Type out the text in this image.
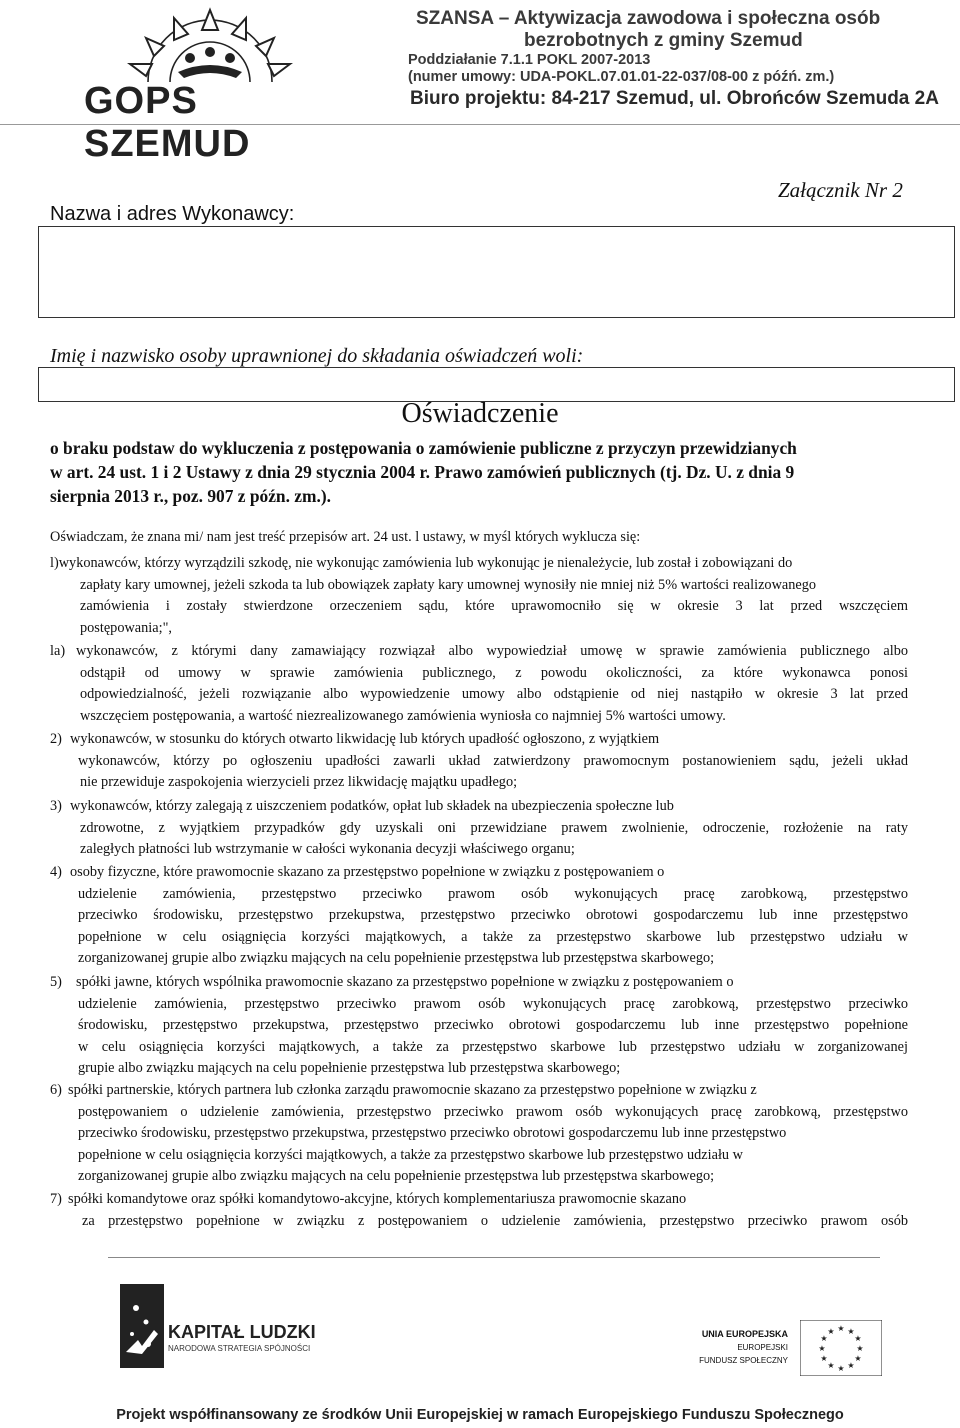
GOPS SZEMUD
SZANSA – Aktywizacja zawodowa i społeczna osób
bezrobotnych z gminy Szemud
Poddziałanie 7.1.1 POKL 2007-2013
(numer umowy: UDA-POKL.07.01.01-22-037/08-00 z późń. zm.)
Biuro projektu: 84-217 Szemud, ul. Obrońców Szemuda 2A
Nazwa i adres Wykonawcy:
Załącznik Nr 2
Imię i nazwisko osoby uprawnionej do składania oświadczeń woli:
Oświadczenie
o braku podstaw do wykluczenia z postępowania o zamówienie publiczne z przyczyn przewidzianych
w art. 24 ust. 1 i 2 Ustawy z dnia 29 stycznia 2004 r. Prawo zamówień publicznych (tj. Dz. U. z dnia 9
sierpnia 2013 r., poz. 907 z późn. zm.).
Oświadczam, że znana mi/ nam jest treść przepisów art. 24 ust. l ustawy, w myśl których wyklucza się:
l)wykonawców, którzy wyrządzili szkodę, nie wykonując zamówienia lub wykonując je nienależycie, lub został i zobowiązani do
zapłaty kary umownej, jeżeli szkoda ta lub obowiązek zapłaty kary umownej wynosiły nie mniej niż 5% wartości realizowanego
zamówienia i zostały stwierdzone orzeczeniem sądu, które uprawomocniło się w okresie 3 lat przed wszczęciem
postępowania;",
la) wykonawców, z którymi dany zamawiający rozwiązał albo wypowiedział umowę w sprawie zamówienia publicznego albo
odstąpił od umowy w sprawie zamówienia publicznego, z powodu okoliczności, za które wykonawca ponosi
odpowiedzialność, jeżeli rozwiązanie albo wypowiedzenie umowy albo odstąpienie od niej nastąpiło w okresie 3 lat przed
wszczęciem postępowania, a wartość niezrealizowanego zamówienia wyniosła co najmniej 5% wartości umowy.
2) wykonawców, w stosunku do których otwarto likwidację lub których upadłość ogłoszono, z wyjątkiem
wykonawców, którzy po ogłoszeniu upadłości zawarli układ zatwierdzony prawomocnym postanowieniem sądu, jeżeli układ
nie przewiduje zaspokojenia wierzycieli przez likwidację majątku upadłego;
3) wykonawców, którzy zalegają z uiszczeniem podatków, opłat lub składek na ubezpieczenia społeczne lub
zdrowotne, z wyjątkiem przypadków gdy uzyskali oni przewidziane prawem zwolnienie, odroczenie, rozłożenie na raty
zaległych płatności lub wstrzymanie w całości wykonania decyzji właściwego organu;
4) osoby fizyczne, które prawomocnie skazano za przestępstwo popełnione w związku z postępowaniem o
udzielenie zamówienia, przestępstwo przeciwko prawom osób wykonujących pracę zarobkową, przestępstwo
przeciwko środowisku, przestępstwo przekupstwa, przestępstwo przeciwko obrotowi gospodarczemu lub inne przestępstwo
popełnione w celu osiągnięcia korzyści majątkowych, a także za przestępstwo skarbowe lub przestępstwo udziału w
zorganizowanej grupie albo związku mających na celu popełnienie przestępstwa lub przestępstwa skarbowego;
5) spółki jawne, których wspólnika prawomocnie skazano za przestępstwo popełnione w związku z postępowaniem o
udzielenie zamówienia, przestępstwo przeciwko prawom osób wykonujących pracę zarobkową, przestępstwo przeciwko
środowisku, przestępstwo przekupstwa, przestępstwo przeciwko obrotowi gospodarczemu lub inne przestępstwo popełnione
w celu osiągnięcia korzyści majątkowych, a także za przestępstwo skarbowe lub przestępstwo udziału w zorganizowanej
grupie albo związku mających na celu popełnienie przestępstwa lub przestępstwa skarbowego;
6) spółki partnerskie, których partnera lub członka zarządu prawomocnie skazano za przestępstwo popełnione w związku z
postępowaniem o udzielenie zamówienia, przestępstwo przeciwko prawom osób wykonujących pracę zarobkową, przestępstwo
przeciwko środowisku, przestępstwo przekupstwa, przestępstwo przeciwko obrotowi gospodarczemu lub inne przestępstwo
popełnione w celu osiągnięcia korzyści majątkowych, a także za przestępstwo skarbowe lub przestępstwo udziału w
zorganizowanej grupie albo związku mających na celu popełnienie przestępstwa lub przestępstwa skarbowego;
7) spółki komandytowe oraz spółki komandytowo-akcyjne, których komplementariusza prawomocnie skazano
za przestępstwo popełnione w związku z postępowaniem o udzielenie zamówienia, przestępstwo przeciwko prawom osób
KAPITAŁ LUDZKI
NARODOWA STRATEGIA SPÓJNOŚCI
UNIA EUROPEJSKA
EUROPEJSKI
FUNDUSZ SPOŁECZNY
★ ★
★
★
★
★
★
★
★
★
★
★
Projekt współfinansowany ze środków Unii Europejskiej w ramach Europejskiego Funduszu Społecznego
